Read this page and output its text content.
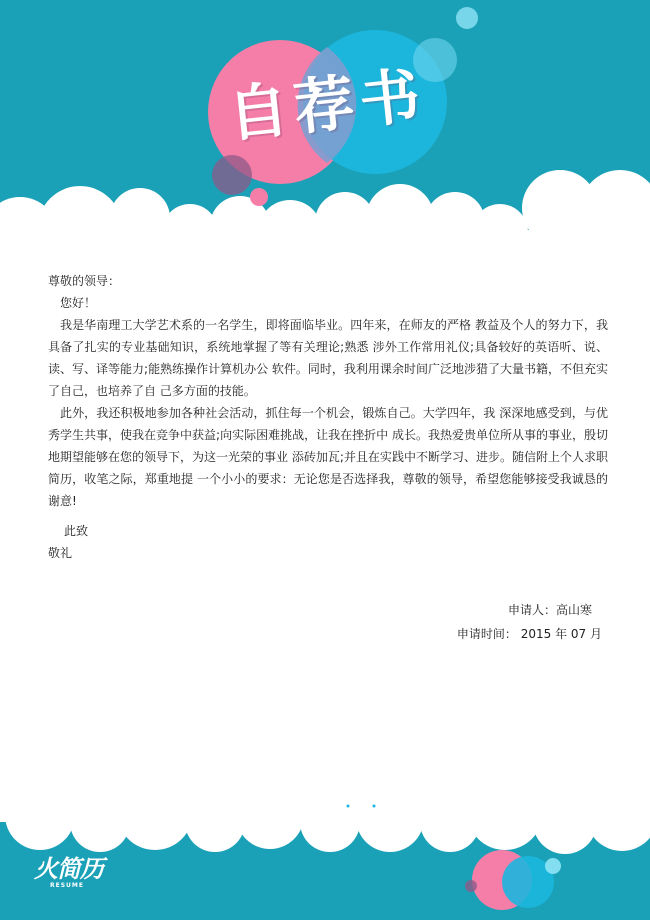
自荐书

尊敬的领导：

您好！

我是华南理工大学艺术系的一名学生，即将面临毕业。四年来，在师友的严格 教益及个人的努力下，我具备了扎实的专业基础知识，系统地掌握了等有关理论;熟悉 涉外工作常用礼仪;具备较好的英语听、说、读、写、译等能力;能熟练操作计算机办公 软件。同时，我利用课余时间广泛地涉猎了大量书籍，不但充实了自己，也培养了自 己多方面的技能。

此外，我还积极地参加各种社会活动，抓住每一个机会，锻炼自己。大学四年，我 深深地感受到，与优秀学生共事，使我在竞争中获益;向实际困难挑战，让我在挫折中 成长。我热爱贵单位所从事的事业，殷切地期望能够在您的领导下，为这一光荣的事业 添砖加瓦;并且在实践中不断学习、进步。随信附上个人求职简历，收笔之际，郑重地提 一个小小的要求：无论您是否选择我，尊敬的领导，希望您能够接受我诚恳的谢意!

此致
敬礼
申请人：高山寒
申请时间： 2015 年 07 月
火简历
RESUME
